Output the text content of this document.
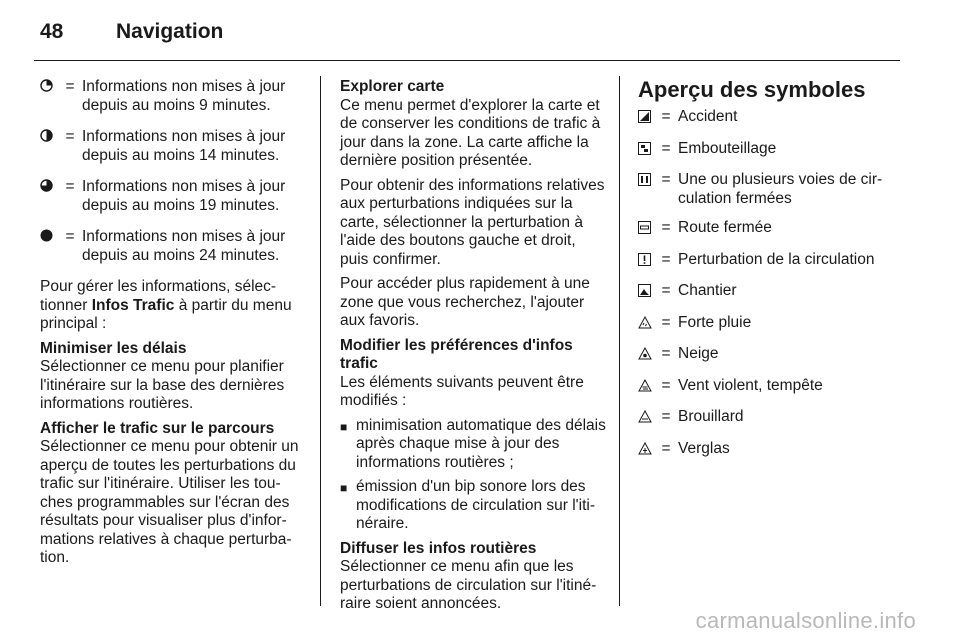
48	Navigation
= Informations non mises à jour depuis au moins 9 minutes.
= Informations non mises à jour depuis au moins 14 minutes.
= Informations non mises à jour depuis au moins 19 minutes.
= Informations non mises à jour depuis au moins 24 minutes.

Pour gérer les informations, sélectionner Infos Trafic à partir du menu principal :

Minimiser les délais

Sélectionner ce menu pour planifier l'itinéraire sur la base des dernières informations routières.

Afficher le trafic sur le parcours

Sélectionner ce menu pour obtenir un aperçu de toutes les perturbations du trafic sur l'itinéraire. Utiliser les touches programmables sur l'écran des résultats pour visualiser plus d'informations relatives à chaque perturbation.

Explorer carte

Ce menu permet d'explorer la carte et de conserver les conditions de trafic à jour dans la zone. La carte affiche la dernière position présentée.

Pour obtenir des informations relatives aux perturbations indiquées sur la carte, sélectionner la perturbation à l'aide des boutons gauche et droit, puis confirmer.

Pour accéder plus rapidement à une zone que vous recherchez, l'ajouter aux favoris.

Modifier les préférences d'infos trafic

Les éléments suivants peuvent être modifiés :

■ minimisation automatique des délais après chaque mise à jour des informations routières ;
■ émission d'un bip sonore lors des modifications de circulation sur l'itinéraire.
Diffuser les infos routières

Sélectionner ce menu afin que les perturbations de circulation sur l'itinéraire soient annoncées.

Aperçu des symboles
= Accident
= Embouteillage
= Une ou plusieurs voies de circulation fermées
= Route fermée
= Perturbation de la circulation
= Chantier
= Forte pluie
= Neige
= Vent violent, tempête
= Brouillard
= Verglas
carmanualsonline.info
